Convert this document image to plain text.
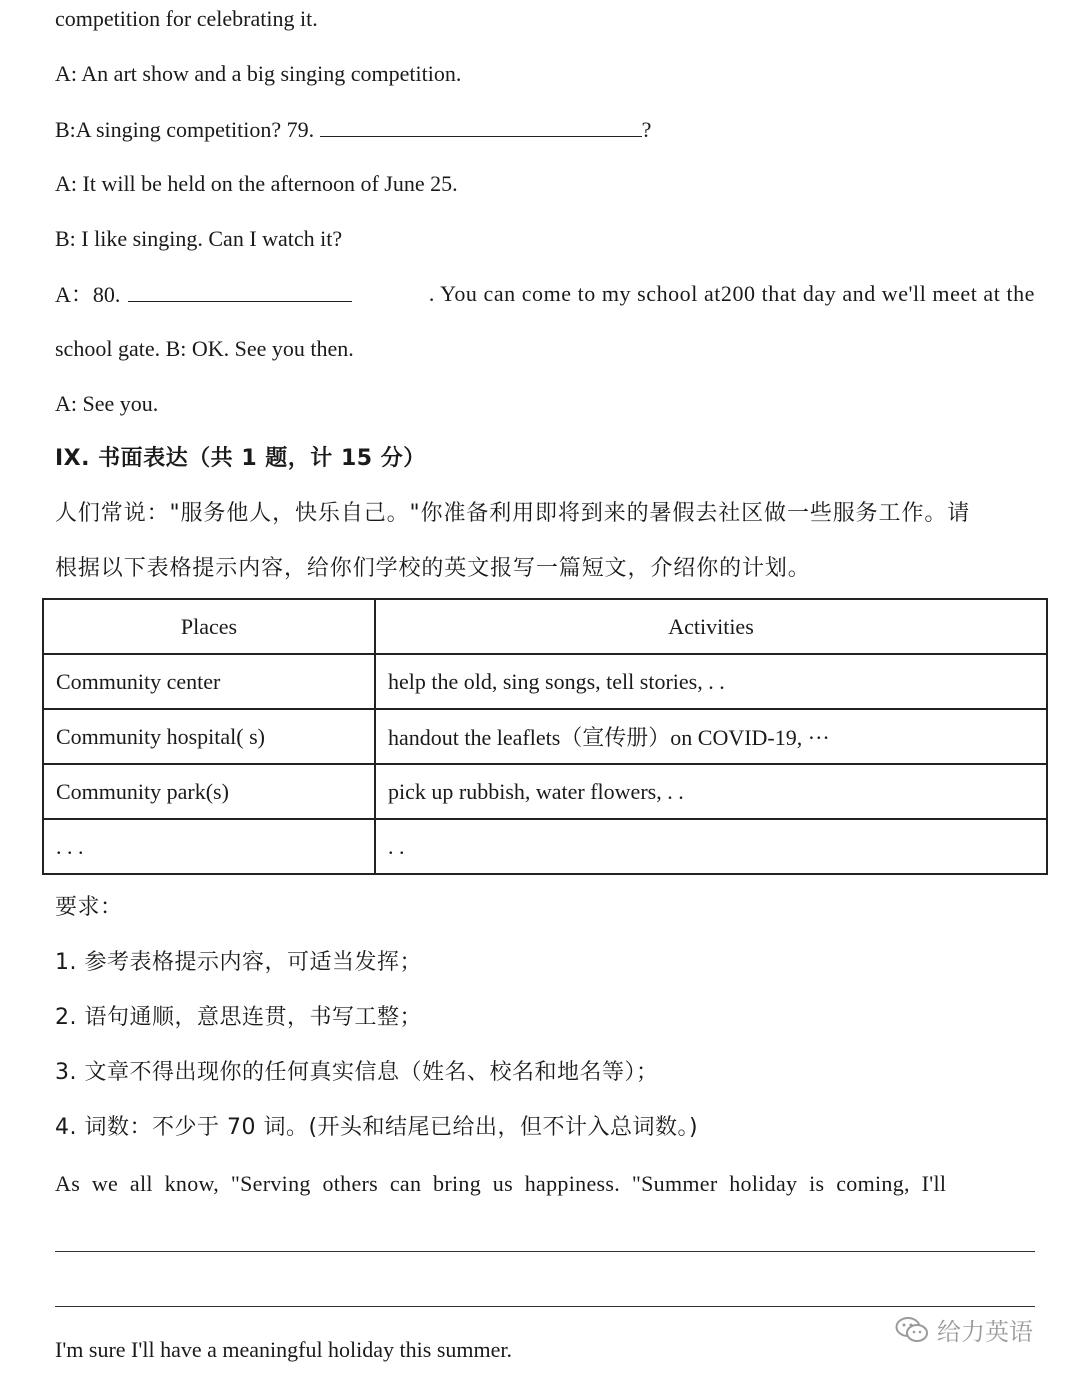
competition for celebrating it.
A: An art show and a big singing competition.
B:A singing competition? 79.	?
A: It will be held on the afternoon of June 25.
B: I like singing. Can I watch it?
A：80.	. You can come to my school at200 that day and we'll meet at the
school gate. B: OK. See you then.
A: See you.
IX. 书面表达（共 1 题，计 15 分）
人们常说："服务他人，快乐自己。"你准备利用即将到来的暑假去社区做一些服务工作。请
根据以下表格提示内容，给你们学校的英文报写一篇短文，介绍你的计划。
Places	Activities
Community center	help the old, sing songs, tell stories, . .
Community hospital( s)	handout the leaflets（宣传册）on COVID-19, ···
Community park(s)	pick up rubbish, water flowers, . .
. . .	. .
要求：
1. 参考表格提示内容，可适当发挥；
2. 语句通顺，意思连贯，书写工整；
3. 文章不得出现你的任何真实信息（姓名、校名和地名等）；
4. 词数：不少于 70 词。(开头和结尾已给出，但不计入总词数。)
As we all know, "Serving others can bring us happiness. "Summer holiday is coming, I'll
I'm sure I'll have a meaningful holiday this summer.
给力英语
